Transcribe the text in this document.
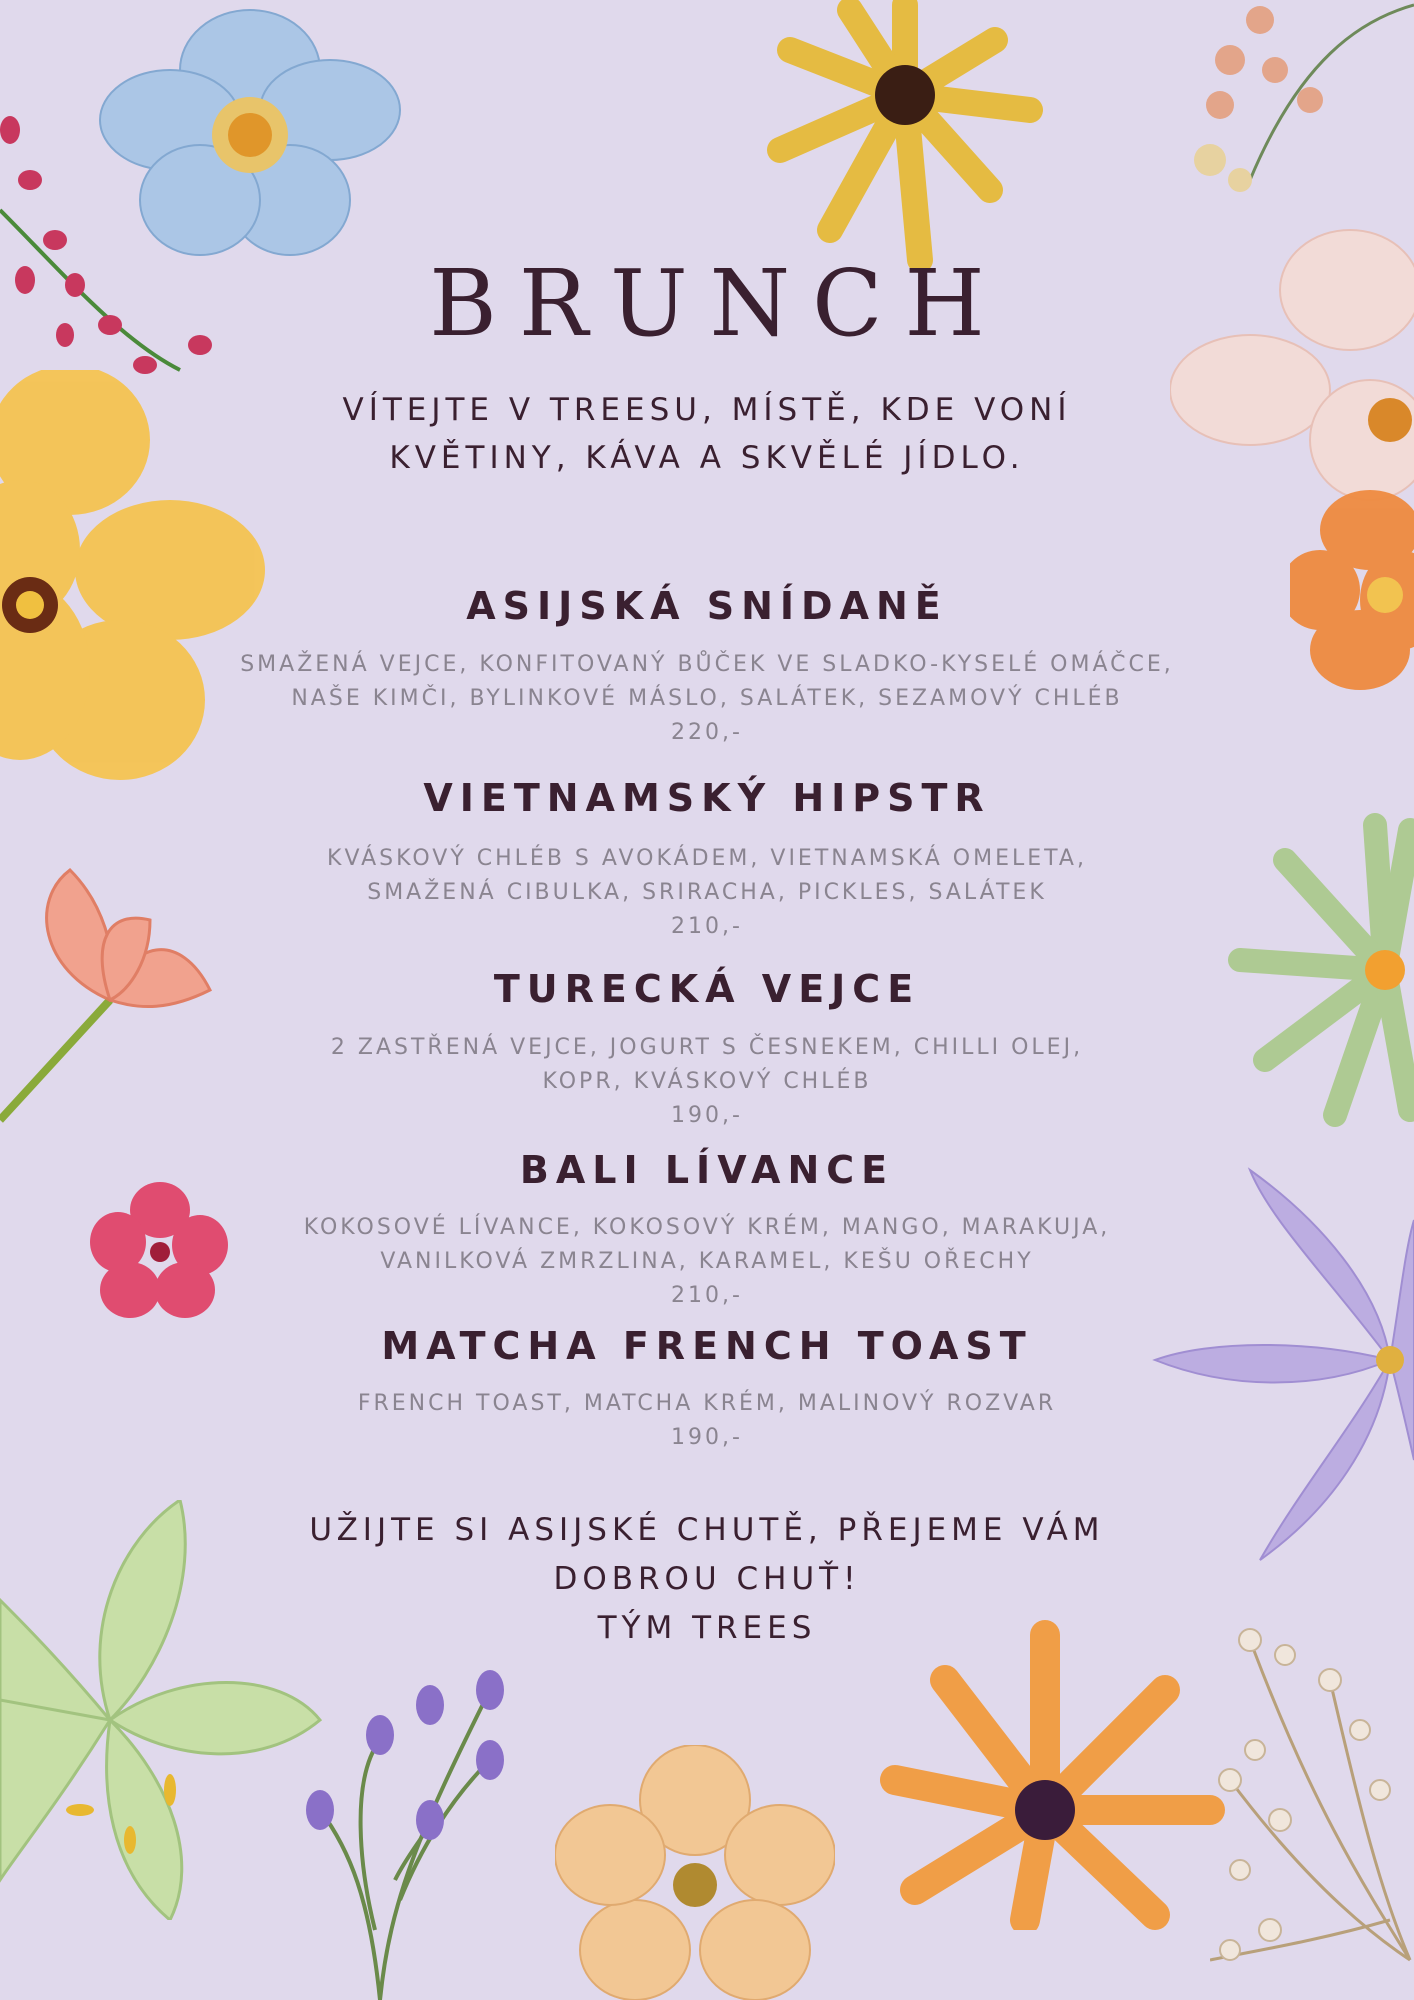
BRUNCH
VÍTEJTE V TREESU, MÍSTĚ, KDE VONÍ
KVĚTINY, KÁVA A SKVĚLÉ JÍDLO.
ASIJSKÁ SNÍDANĚ
SMAŽENÁ VEJCE, KONFITOVANÝ BŮČEK VE SLADKO-KYSELÉ OMÁČCE,
NAŠE KIMČI, BYLINKOVÉ MÁSLO, SALÁTEK, SEZAMOVÝ CHLÉB
220,-
VIETNAMSKÝ HIPSTR
KVÁSKOVÝ CHLÉB S AVOKÁDEM, VIETNAMSKÁ OMELETA,
SMAŽENÁ CIBULKA, SRIRACHA, PICKLES, SALÁTEK
210,-
TURECKÁ VEJCE
2 ZASTŘENÁ VEJCE, JOGURT S ČESNEKEM, CHILLI OLEJ,
KOPR, KVÁSKOVÝ CHLÉB
190,-
BALI LÍVANCE
KOKOSOVÉ LÍVANCE, KOKOSOVÝ KRÉM, MANGO, MARAKUJA,
VANILKOVÁ ZMRZLINA, KARAMEL, KEŠU OŘECHY
210,-
MATCHA FRENCH TOAST
FRENCH TOAST, MATCHA KRÉM, MALINOVÝ ROZVAR
190,-
UŽIJTE SI ASIJSKÉ CHUTĚ, PŘEJEME VÁM
DOBROU CHUŤ!
TÝM TREES
